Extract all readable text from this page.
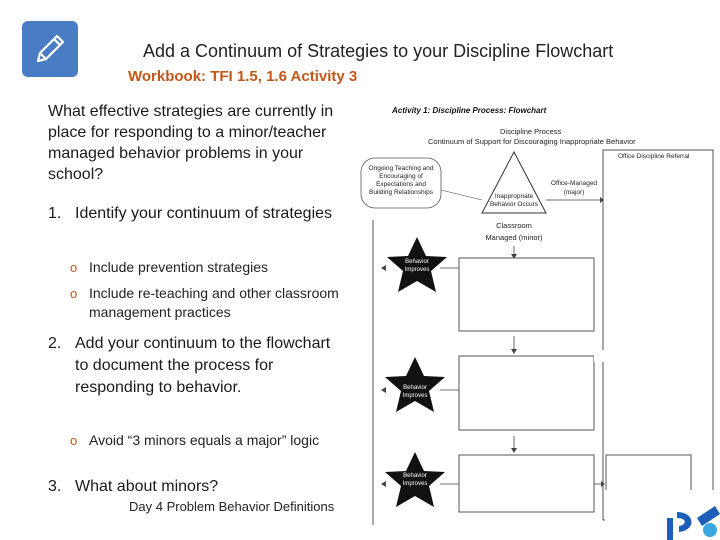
Add a Continuum of Strategies to your Discipline Flowchart
Workbook: TFI 1.5, 1.6 Activity 3
What effective strategies are currently in place for responding to a minor/teacher managed behavior problems in your school?
1. Identify your continuum of strategies
o Include prevention strategies
o Include re-teaching and other classroom management practices
2. Add your continuum to the flowchart to document the process for responding to behavior.
o Avoid “3 minors equals a major” logic
3. What about minors?
Day 4 Problem Behavior Definitions
Activity 1: Discipline Process: Flowchart
Discipline Process
Continuum of Support for Discouraging Inappropriate Behavior
Ongoing Teaching and Encouraging of Expectations and Building Relationships
Inappropriate Behavior Occurs
Office-Managed (major)
Office Discipline Referral
Classroom Managed (minor)
Behavior Improves
Behavior Improves
Behavior Improves
